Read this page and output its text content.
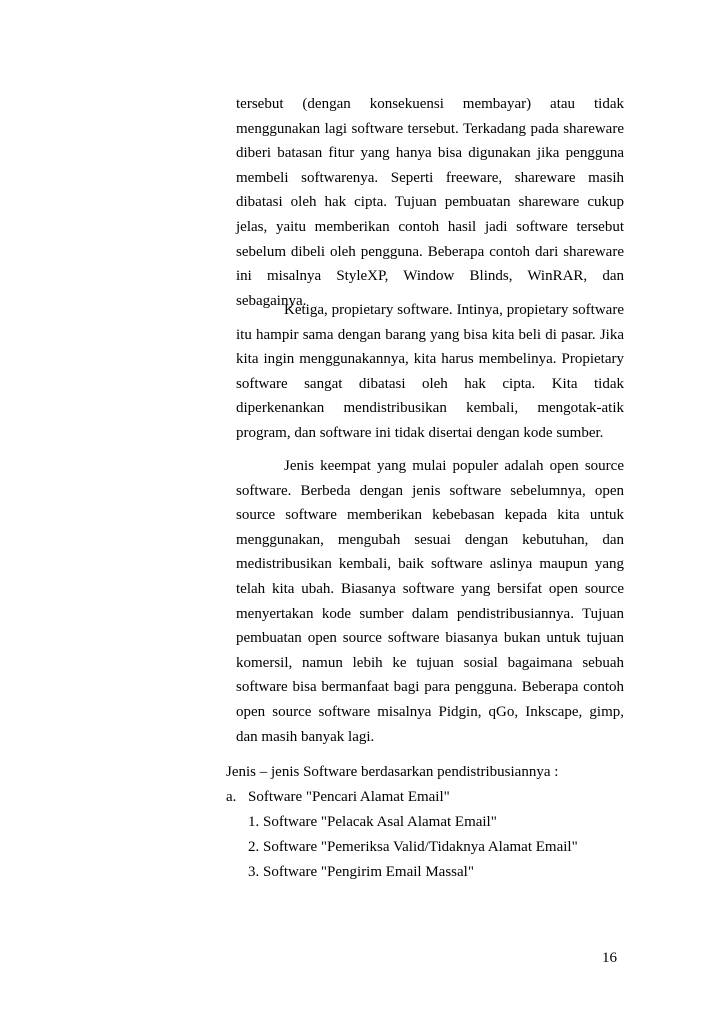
tersebut (dengan konsekuensi membayar) atau tidak menggunakan lagi software tersebut. Terkadang pada shareware diberi batasan fitur yang hanya bisa digunakan jika pengguna membeli softwarenya. Seperti freeware, shareware masih dibatasi oleh hak cipta. Tujuan pembuatan shareware cukup jelas, yaitu memberikan contoh hasil jadi software tersebut sebelum dibeli oleh pengguna. Beberapa contoh dari shareware ini misalnya StyleXP, Window Blinds, WinRAR, dan sebagainya.

Ketiga, propietary software. Intinya, propietary software itu hampir sama dengan barang yang bisa kita beli di pasar. Jika kita ingin menggunakannya, kita harus membelinya. Propietary software sangat dibatasi oleh hak cipta. Kita tidak diperkenankan mendistribusikan kembali, mengotak-atik program, dan software ini tidak disertai dengan kode sumber.

Jenis keempat yang mulai populer adalah open source software. Berbeda dengan jenis software sebelumnya, open source software memberikan kebebasan kepada kita untuk menggunakan, mengubah sesuai dengan kebutuhan, dan medistribusikan kembali, baik software aslinya maupun yang telah kita ubah. Biasanya software yang bersifat open source menyertakan kode sumber dalam pendistribusiannya. Tujuan pembuatan open source software biasanya bukan untuk tujuan komersil, namun lebih ke tujuan sosial bagaimana sebuah software bisa bermanfaat bagi para pengguna. Beberapa contoh open source software misalnya Pidgin, qGo, Inkscape, gimp, dan masih banyak lagi.

Jenis – jenis Software berdasarkan pendistribusiannya :
a. Software "Pencari Alamat Email"
1. Software "Pelacak Asal Alamat Email"
2. Software "Pemeriksa Valid/Tidaknya Alamat Email"
3. Software "Pengirim Email Massal"
16
